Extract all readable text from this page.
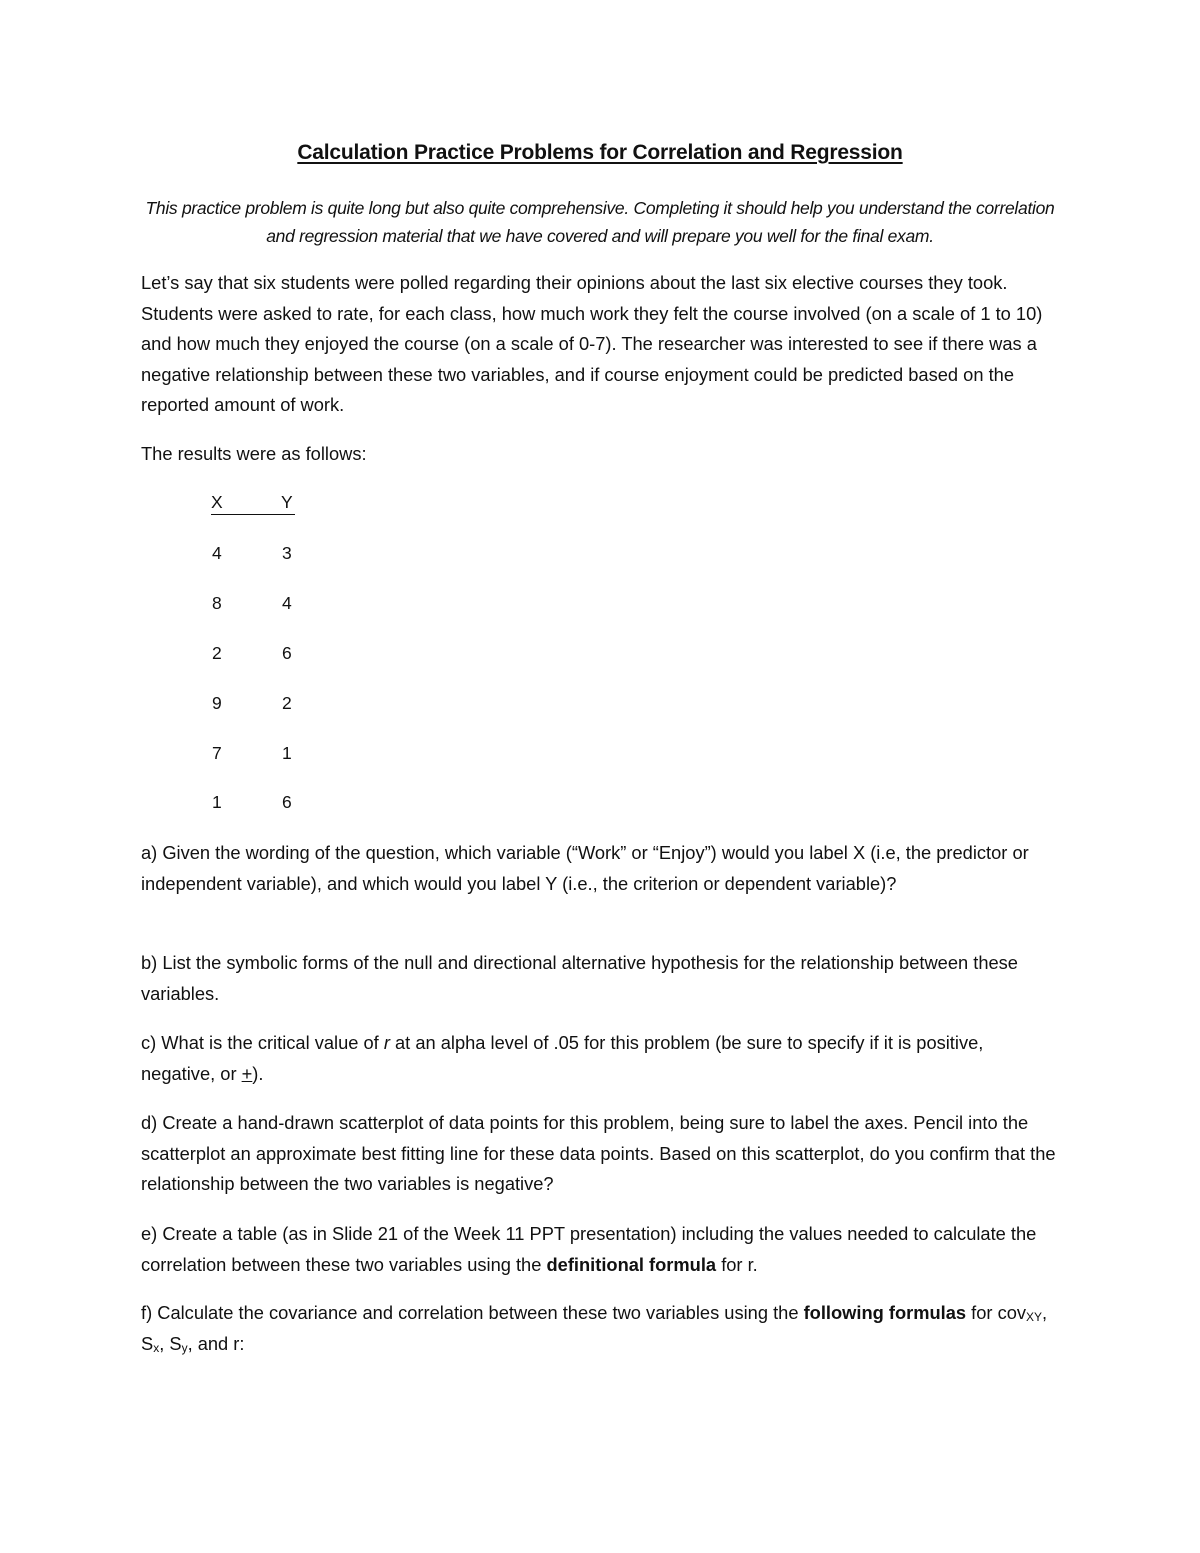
Calculation Practice Problems for Correlation and Regression
This practice problem is quite long but also quite comprehensive. Completing it should help you understand the correlation and regression material that we have covered and will prepare you well for the final exam.
Let’s say that six students were polled regarding their opinions about the last six elective courses they took. Students were asked to rate, for each class, how much work they felt the course involved (on a scale of 1 to 10) and how much they enjoyed the course (on a scale of 0-7). The researcher was interested to see if there was a negative relationship between these two variables, and if course enjoyment could be predicted based on the reported amount of work.
The results were as follows:
X	Y
4	3
8	4
2	6
9	2
7	1
1	6
a) Given the wording of the question, which variable (“Work” or “Enjoy”) would you label X (i.e, the predictor or independent variable), and which would you label Y (i.e., the criterion or dependent variable)?
b) List the symbolic forms of the null and directional alternative hypothesis for the relationship between these variables.
c) What is the critical value of r at an alpha level of .05 for this problem (be sure to specify if it is positive, negative, or +).
d) Create a hand-drawn scatterplot of data points for this problem, being sure to label the axes. Pencil into the scatterplot an approximate best fitting line for these data points. Based on this scatterplot, do you confirm that the relationship between the two variables is negative?
e) Create a table (as in Slide 21 of the Week 11 PPT presentation) including the values needed to calculate the correlation between these two variables using the definitional formula for r.
f) Calculate the covariance and correlation between these two variables using the following formulas for cov$_{XY}$, $S_x$, $S_y$, and r:
